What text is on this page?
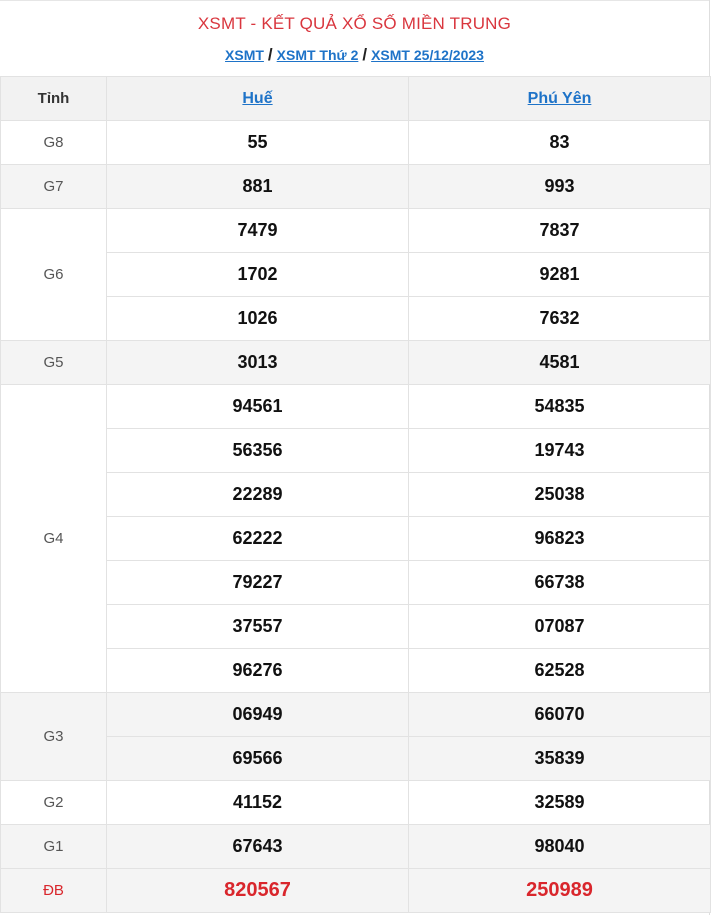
XSMT - KẾT QUẢ XỔ SỐ MIỀN TRUNG
XSMT / XSMT Thứ 2 / XSMT 25/12/2023
Tỉnh	Huế	Phú Yên
G8	55	83
G7	881	993
G6	7479	7837
	1702	9281
	1026	7632
G5	3013	4581
G4	94561	54835
	56356	19743
	22289	25038
	62222	96823
	79227	66738
	37557	07087
	96276	62528
G3	06949	66070
	69566	35839
G2	41152	32589
G1	67643	98040
ĐB	820567	250989
